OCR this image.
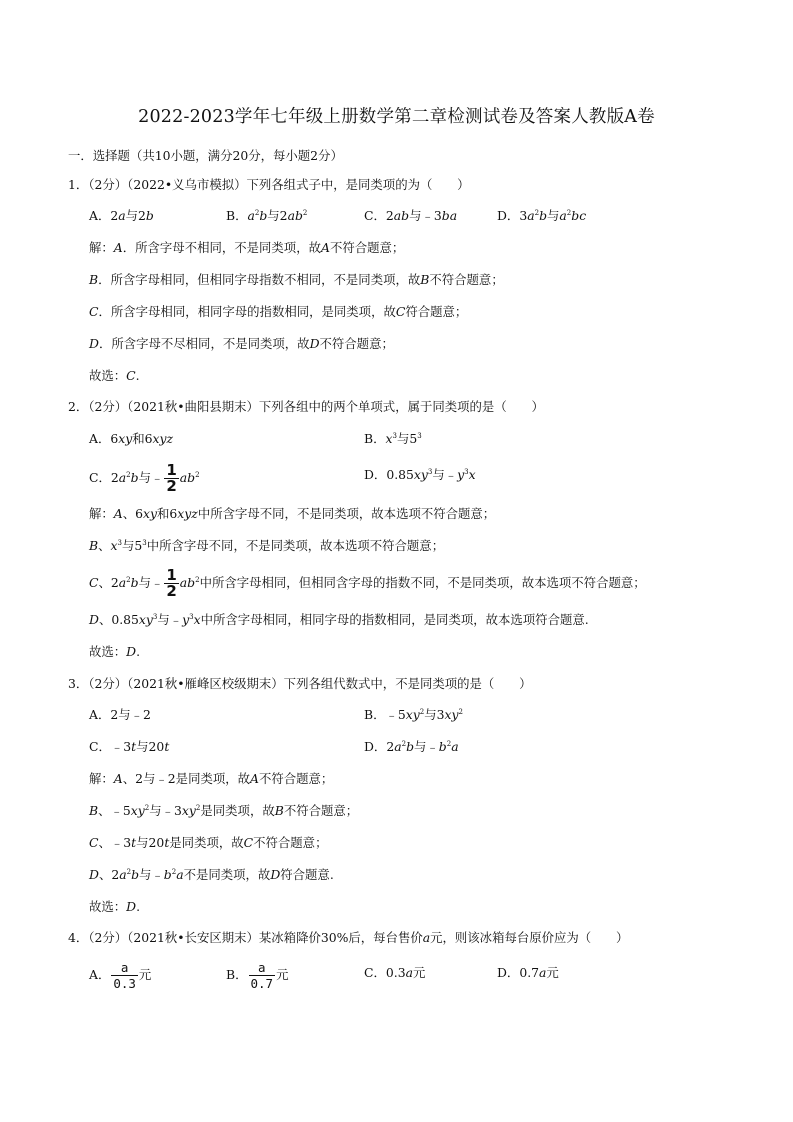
2022-2023学年七年级上册数学第二章检测试卷及答案人教版A卷
一．选择题（共10小题，满分20分，每小题2分）
1．（2分）（2022•义乌市模拟）下列各组式子中，是同类项的为（　　）
A．2a与2b	B．$a^2b$与$2ab^2$	C．2ab与﹣3ba	D．$3a^2b$与$a^2bc$
解：A．所含字母不相同，不是同类项，故A不符合题意；
B．所含字母相同，但相同字母指数不相同，不是同类项，故B不符合题意；
C．所含字母相同，相同字母的指数相同，是同类项，故C符合题意；
D．所含字母不尽相同，不是同类项，故D不符合题意；
故选：C.
2．（2分）（2021秋•曲阳县期末）下列各组中的两个单项式，属于同类项的是（　　）
A．6xy和6xyz	B．$x^3$与$5^3$
C．$2a^2b$与﹣ $\frac{1}{2} ab^2$	D．$0.85xy^3$与$﹣y^3x$
解：A、6xy和6xyz中所含字母不同，不是同类项，故本选项不符合题意；
B、$x^3$与$5^3$中所含字母不同，不是同类项，故本选项不符合题意；
C、$2a^2b$与﹣ $\frac{1}{2} ab^2$中所含字母相同，但相同含字母的指数不同，不是同类项，故本选项不符合题意；
D、$0.85xy^3$与$﹣y^3x$中所含字母相同，相同字母的指数相同，是同类项，故本选项符合题意.
故选：D.
3．（2分）（2021秋•雁峰区校级期末）下列各组代数式中，不是同类项的是（　　）
A．2与﹣2	B．$﹣5xy^2$与$3xy^2$
C．﹣3t与20t	D．$2a^2b$与$﹣b^2a$
解：A、2与﹣2是同类项，故A不符合题意；
B、$﹣5xy^2$与$﹣3xy^2$是同类项，故B不符合题意；
C、﹣3t与20t是同类项，故C不符合题意；
D、$2a^2b$与$﹣b^2a$不是同类项，故D符合题意.
故选：D.
4．（2分）（2021秋•长安区期末）某冰箱降价30%后，每台售价a元，则该冰箱每台原价应为（　　）
A． $\frac{a}{0.3}$ 元	B． $\frac{a}{0.7}$ 元	C．0.3a元	D．0.7a元
